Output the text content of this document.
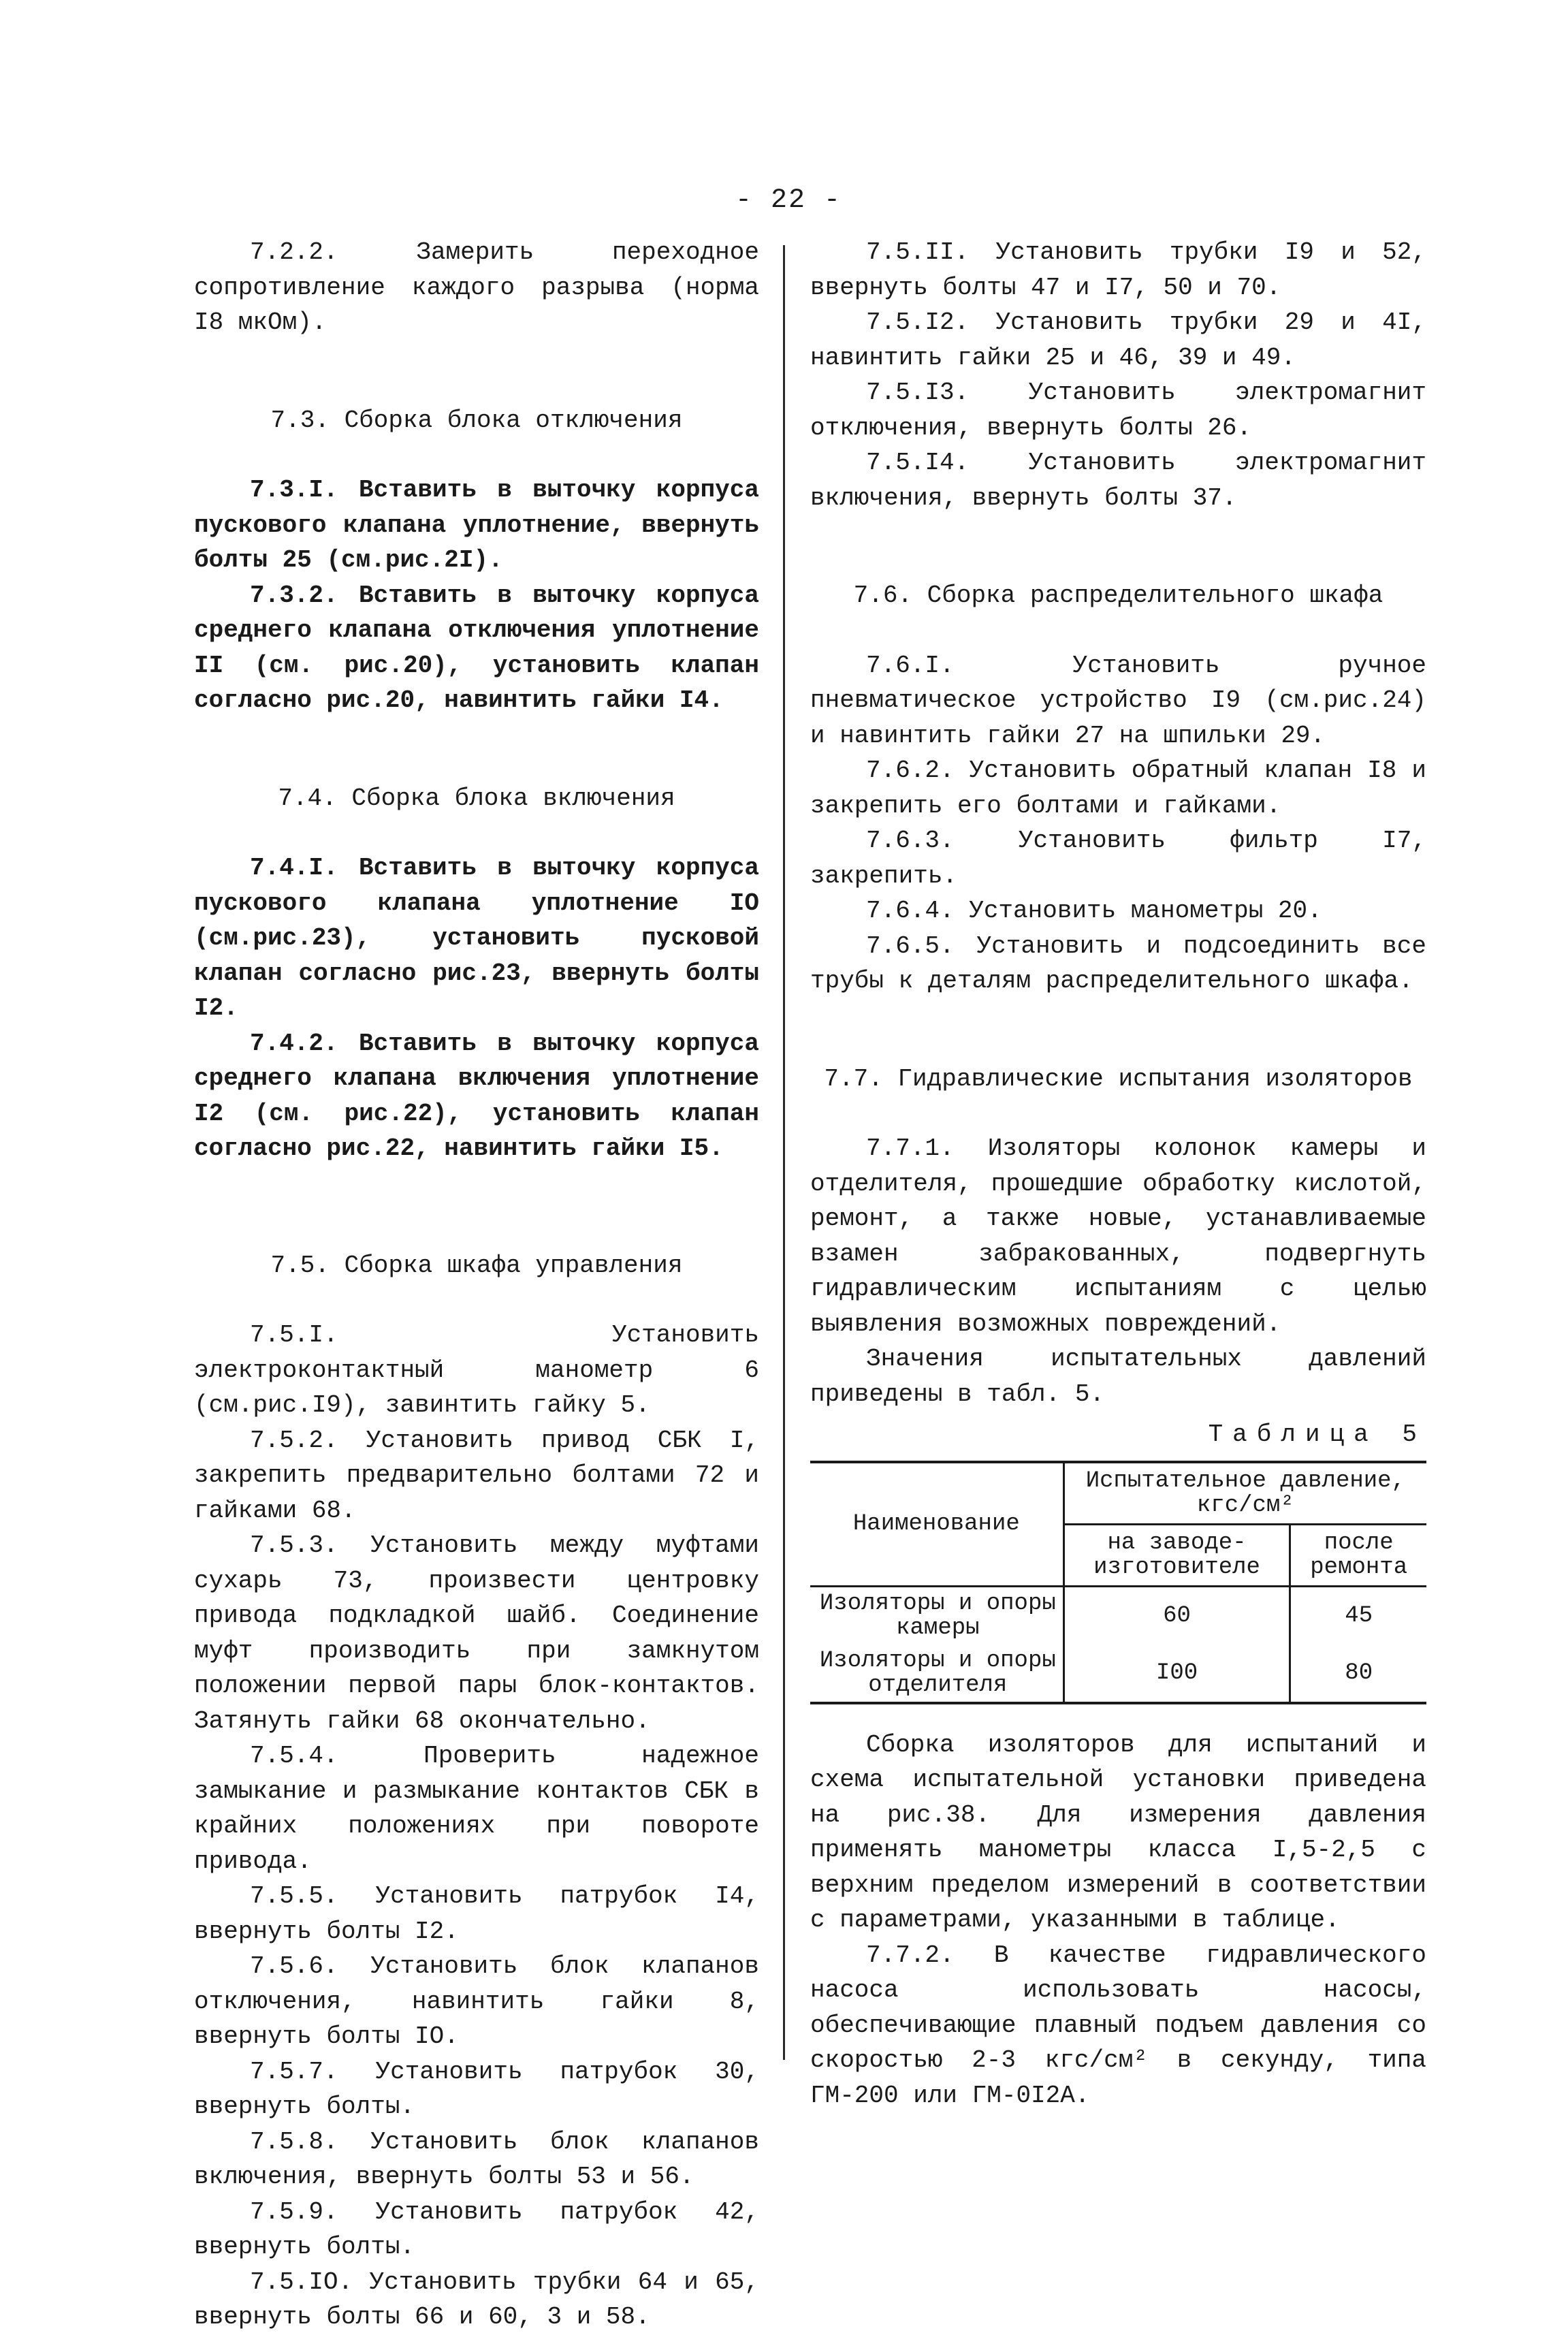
- 22 -

7.2.2. Замерить переходное сопротивление каждого разрыва (норма I8 мкОм).

7.3. Сборка блока отключения

7.3.I. Вставить в выточку корпуса пускового клапана уплотнение, ввернуть болты 25 (см.рис.2I).

7.3.2. Вставить в выточку корпуса среднего клапана отключения уплотнение II (см. рис.20), установить клапан согласно рис.20, навинтить гайки I4.

7.4. Сборка блока включения

7.4.I. Вставить в выточку корпуса пускового клапана уплотнение IO (см.рис.23), установить пусковой клапан согласно рис.23, ввернуть болты I2.

7.4.2. Вставить в выточку корпуса среднего клапана включения уплотнение I2 (см. рис.22), установить клапан согласно рис.22, навинтить гайки I5.

7.5. Сборка шкафа управления

7.5.I. Установить электроконтактный манометр 6 (см.рис.I9), завинтить гайку 5.

7.5.2. Установить привод СБК I, закрепить предварительно болтами 72 и гайками 68.

7.5.3. Установить между муфтами сухарь 73, произвести центровку привода подкладкой шайб. Соединение муфт производить при замкнутом положении первой пары блок-контактов. Затянуть гайки 68 окончательно.

7.5.4. Проверить надежное замыкание и размыкание контактов СБК в крайних положениях при повороте привода.

7.5.5. Установить патрубок I4, ввернуть болты I2.

7.5.6. Установить блок клапанов отключения, навинтить гайки 8, ввернуть болты IO.

7.5.7. Установить патрубок 30, ввернуть болты.

7.5.8. Установить блок клапанов включения, ввернуть болты 53 и 56.

7.5.9. Установить патрубок 42, ввернуть болты.

7.5.IO. Установить трубки 64 и 65, ввернуть болты 66 и 60, 3 и 58.

7.5.II. Установить трубки I9 и 52, ввернуть болты 47 и I7, 50 и 70.

7.5.I2. Установить трубки 29 и 4I, навинтить гайки 25 и 46, 39 и 49.

7.5.I3. Установить электромагнит отключения, ввернуть болты 26.

7.5.I4. Установить электромагнит включения, ввернуть болты 37.

7.6. Сборка распределительного шкафа

7.6.I. Установить ручное пневматическое устройство I9 (см.рис.24) и навинтить гайки 27 на шпильки 29.

7.6.2. Установить обратный клапан I8 и закрепить его болтами и гайками.

7.6.3. Установить фильтр I7, закрепить.

7.6.4. Установить манометры 20.

7.6.5. Установить и подсоединить все трубы к деталям распределительного шкафа.

7.7. Гидравлические испытания изоляторов

7.7.1. Изоляторы колонок камеры и отделителя, прошедшие обработку кислотой, ремонт, а также новые, устанавливаемые взамен забракованных, подвергнуть гидравлическим испытаниям с целью выявления возможных повреждений.

Значения испытательных давлений приведены в табл. 5.

Таблица 5

Наименование	Испытательное давление, кгс/см²	
	на заводе-изготовителе	после ремонта
Изоляторы и опоры камеры	60	45
Изоляторы и опоры отделителя	I00	80

Сборка изоляторов для испытаний и схема испытательной установки приведена на рис.38. Для измерения давления применять манометры класса I,5-2,5 с верхним пределом измерений в соответствии с параметрами, указанными в таблице.

7.7.2. В качестве гидравлического насоса использовать насосы, обеспечивающие плавный подъем давления со скоростью 2-3 кгс/см² в секунду, типа ГМ-200 или ГМ-0I2А.
